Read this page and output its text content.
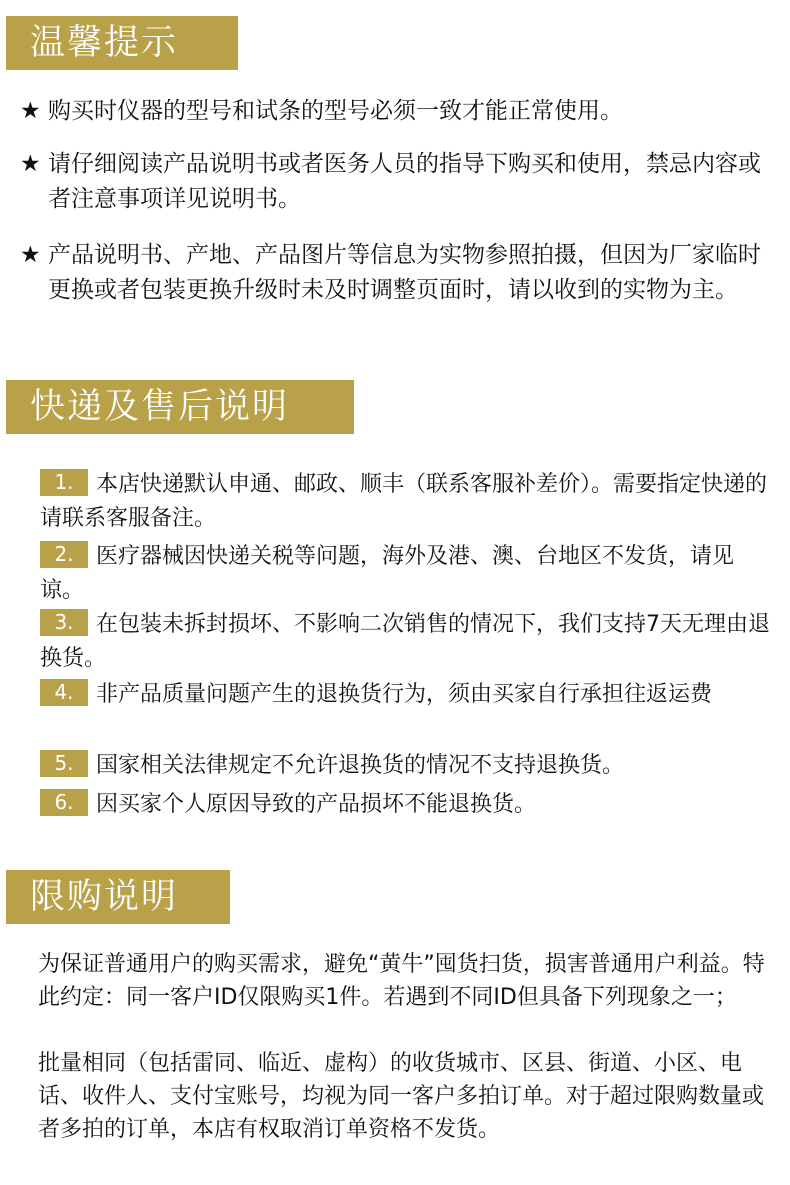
温馨提示
★ 购买时仪器的型号和试条的型号必须一致才能正常使用。
★ 请仔细阅读产品说明书或者医务人员的指导下购买和使用，禁忌内容或者注意事项详见说明书。
★ 产品说明书、产地、产品图片等信息为实物参照拍摄，但因为厂家临时更换或者包装更换升级时未及时调整页面时，请以收到的实物为主。
快递及售后说明
1. 本店快递默认申通、邮政、顺丰（联系客服补差价）。需要指定快递的请联系客服备注。
2. 医疗器械因快递关税等问题，海外及港、澳、台地区不发货，请见谅。
3. 在包装未拆封损坏、不影响二次销售的情况下，我们支持7天无理由退换货。
4. 非产品质量问题产生的退换货行为，须由买家自行承担往返运费
5. 国家相关法律规定不允许退换货的情况不支持退换货。
6. 因买家个人原因导致的产品损坏不能退换货。
限购说明

为保证普通用户的购买需求，避免“黄牛”囤货扫货，损害普通用户利益。特此约定：同一客户ID仅限购买1件。若遇到不同ID但具备下列现象之一；

批量相同（包括雷同、临近、虚构）的收货城市、区县、街道、小区、电话、收件人、支付宝账号，均视为同一客户多拍订单。对于超过限购数量或者多拍的订单，本店有权取消订单资格不发货。
